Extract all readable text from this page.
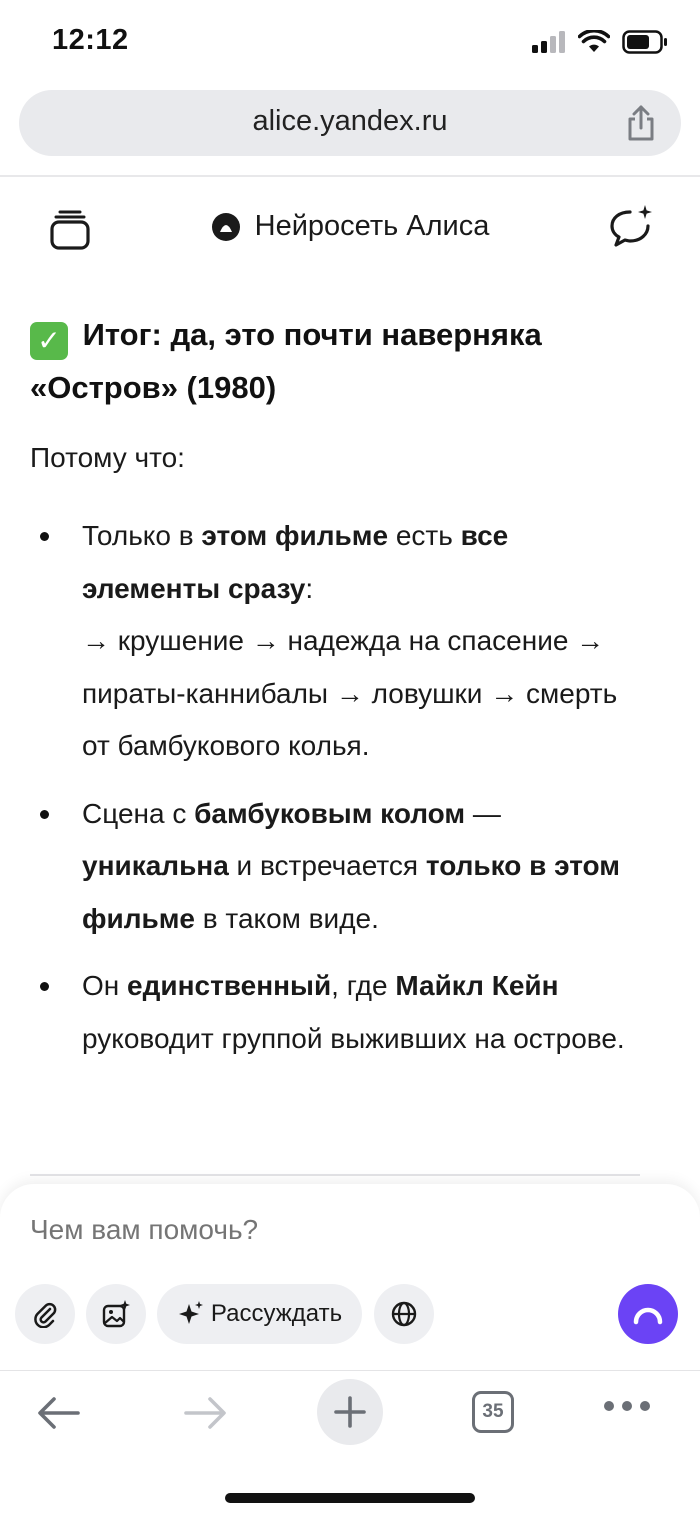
12:12
alice.yandex.ru
Нейросеть Алиса

✓ Итог: да, это почти наверняка «Остров» (1980)

Потому что:
Только в этом фильме есть все элементы сразу:
→ крушение → надежда на спасение → пираты-каннибалы → ловушки → смерть от бамбукового колья.
Сцена с бамбуковым колом — уникальна и встречается только в этом фильме в таком виде.
Он единственный, где Майкл Кейн руководит группой выживших на острове.
Чем вам помочь?
Рассуждать
35
